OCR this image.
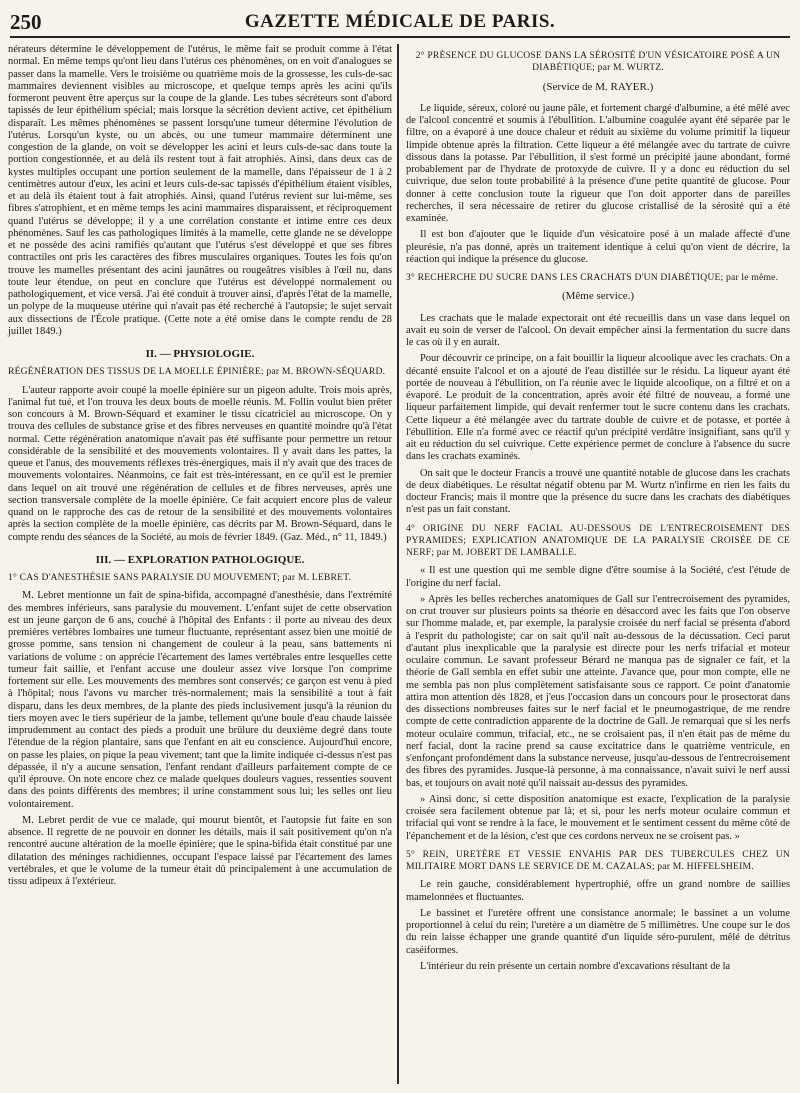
250	GAZETTE MÉDICALE DE PARIS.

nérateurs détermine le développement de l'utérus, le même fait se produit comme à l'état normal. En même temps qu'ont lieu dans l'utérus ces phénomènes, on en voit d'analogues se passer dans la mamelle. Vers le troisième ou quatrième mois de la grossesse, les culs-de-sac mammaires deviennent visibles au microscope, et quelque temps après les acini qu'ils formeront peuvent être aperçus sur la coupe de la glande. Les tubes sécréteurs sont d'abord tapissés de leur épithélium spécial; mais lorsque la sécrétion devient active, cet épithélium disparaît. Les mêmes phénomènes se passent lorsqu'une tumeur détermine l'évolution de l'utérus. Lorsqu'un kyste, ou un abcès, ou une tumeur mammaire déterminent une congestion de la glande, on voit se développer les acini et leurs culs-de-sac dans toute la portion congestionnée, et au delà ils restent tout à fait atrophiés. Ainsi, dans deux cas de kystes multiples occupant une portion seulement de la mamelle, dans l'épaisseur de 1 à 2 centimètres autour d'eux, les acini et leurs culs-de-sac tapissés d'épithélium étaient visibles, et au delà ils étaient tout à fait atrophiés. Ainsi, quand l'utérus revient sur lui-même, ses fibres s'atrophient, et en même temps les acini mammaires disparaissent, et réciproquement quand l'utérus se développe; il y a une corrélation constante et intime entre ces deux phénomènes. Sauf les cas pathologiques limités à la mamelle, cette glande ne se développe et ne possède des acini ramifiés qu'autant que l'utérus s'est développé et que ses fibres contractiles ont pris les caractères des fibres musculaires organiques. Toutes les fois qu'on trouve les mamelles présentant des acini jaunâtres ou rougeâtres visibles à l'œil nu, dans toute leur étendue, on peut en conclure que l'utérus est développé normalement ou pathologiquement, et vice versâ. J'ai été conduit à trouver ainsi, d'après l'état de la mamelle, un polype de la muqueuse utérine qui n'avait pas été recherché à l'autopsie; le sujet servait aux dissections de l'École pratique. (Cette note a été omise dans le compte rendu de 28 juillet 1849.)

II. — PHYSIOLOGIE.
RÉGÉNÉRATION DES TISSUS DE LA MOELLE ÉPINIÈRE; par M. BROWN-SÉQUARD.

L'auteur rapporte avoir coupé la moelle épinière sur un pigeon adulte. Trois mois après, l'animal fut tué, et l'on trouva les deux bouts de moelle réunis. M. Follin voulut bien prêter son concours à M. Brown-Séquard et examiner le tissu cicatriciel au microscope. On y trouva des cellules de substance grise et des fibres nerveuses en quantité moindre qu'à l'état normal. Cette régénération anatomique n'avait pas été suffisante pour permettre un retour considérable de la sensibilité et des mouvements volontaires. Il y avait dans les pattes, la queue et l'anus, des mouvements réflexes très-énergiques, mais il n'y avait que des traces de mouvements volontaires. Néanmoins, ce fait est très-intéressant, en ce qu'il est le premier dans lequel on ait trouvé une régénération de cellules et de fibres nerveuses, après une section transversale complète de la moelle épinière. Ce fait acquiert encore plus de valeur quand on le rapproche des cas de retour de la sensibilité et des mouvements volontaires après la section complète de la moelle épinière, cas décrits par M. Brown-Séquard, dans le compte rendu des séances de la Société, au mois de février 1849. (Gaz. Méd., n° 11, 1849.)

III. — EXPLORATION PATHOLOGIQUE.
1° CAS D'ANESTHÉSIE SANS PARALYSIE DU MOUVEMENT; par M. LEBRET.

M. Lebret mentionne un fait de spina-bifida, accompagné d'anesthésie, dans l'extrémité des membres inférieurs, sans paralysie du mouvement. L'enfant sujet de cette observation est un jeune garçon de 6 ans, couché à l'hôpital des Enfants : il porte au niveau des deux premières vertèbres lombaires une tumeur fluctuante, représentant assez bien une moitié de grosse pomme, sans tension ni changement de couleur à la peau, sans battements ni variations de volume : on apprécie l'écartement des lames vertébrales entre lesquelles cette tumeur fait saillie, et l'enfant accuse une douleur assez vive lorsque l'on comprime fortement sur elle. Les mouvements des membres sont conservés; ce garçon est venu à pied à l'hôpital; nous l'avons vu marcher très-normalement; mais la sensibilité a tout à fait disparu, dans les deux membres, de la plante des pieds inclusivement jusqu'à la réunion du tiers moyen avec le tiers supérieur de la jambe, tellement qu'une boule d'eau chaude laissée imprudemment au contact des pieds a produit une brûlure du deuxième degré dans toute l'étendue de la région plantaire, sans que l'enfant en ait eu conscience. Aujourd'hui encore, on passe les plaies, on pique la peau vivement; tant que la limite indiquée ci-dessus n'est pas dépassée, il n'y a aucune sensation, l'enfant rendant d'ailleurs parfaitement compte de ce qu'il éprouve. On note encore chez ce malade quelques douleurs vagues, ressenties souvent dans des points différents des membres; il urine constamment sous lui; les selles ont lieu volontairement.

M. Lebret perdit de vue ce malade, qui mourut bientôt, et l'autopsie fut faite en son absence. Il regrette de ne pouvoir en donner les détails, mais il sait positivement qu'on n'a rencontré aucune altération de la moelle épinière; que le spina-bifida était constitué par une dilatation des méninges rachidiennes, occupant l'espace laissé par l'écartement des lames vertébrales, et que le volume de la tumeur était dû principalement à une accumulation de tissu adipeux à l'extérieur.

2° PRÉSENCE DU GLUCOSE DANS LA SÉROSITÉ D'UN VÉSICATOIRE POSÉ A UN DIABÉTIQUE; par M. WURTZ.
(Service de M. RAYER.)

Le liquide, séreux, coloré ou jaune pâle, et fortement chargé d'albumine, a été mêlé avec de l'alcool concentré et soumis à l'ébullition. L'albumine coagulée ayant été séparée par le filtre, on a évaporé à une douce chaleur et réduit au sixième du volume primitif la liqueur limpide obtenue après la filtration. Cette liqueur a été mélangée avec du tartrate de cuivre dissous dans la potasse. Par l'ébullition, il s'est formé un précipité jaune abondant, formé probablement par de l'hydrate de protoxyde de cuivre. Il y a donc eu réduction du sel cuivrique, due selon toute probabilité à la présence d'une petite quantité de glucose. Pour donner à cette conclusion toute la rigueur que l'on doit apporter dans de pareilles recherches, il sera nécessaire de retirer du glucose cristallisé de la sérosité qui a été examinée.

Il est bon d'ajouter que le liquide d'un vésicatoire posé à un malade affecté d'une pleurésie, n'a pas donné, après un traitement identique à celui qu'on vient de décrire, la réaction qui indique la présence du glucose.

3° RECHERCHE DU SUCRE DANS LES CRACHATS D'UN DIABÉTIQUE; par le même.
(Même service.)

Les crachats que le malade expectorait ont été recueillis dans un vase dans lequel on avait eu soin de verser de l'alcool. On devait empêcher ainsi la fermentation du sucre dans le cas où il y en aurait.

Pour découvrir ce principe, on a fait bouillir la liqueur alcoolique avec les crachats. On a décanté ensuite l'alcool et on a ajouté de l'eau distillée sur le résidu. La liqueur ayant été portée de nouveau à l'ébullition, on l'a réunie avec le liquide alcoolique, on a filtré et on a évaporé. Le produit de la concentration, après avoir été filtré de nouveau, a formé une liqueur parfaitement limpide, qui devait renfermer tout le sucre contenu dans les crachats. Cette liqueur a été mélangée avec du tartrate double de cuivre et de potasse, et portée à l'ébullition. Elle n'a formé avec ce réactif qu'un précipité verdâtre insignifiant, sans qu'il y ait eu réduction du sel cuivrique. Cette expérience permet de conclure à l'absence du sucre dans les crachats examinés.

On sait que le docteur Francis a trouvé une quantité notable de glucose dans les crachats de deux diabétiques. Le résultat négatif obtenu par M. Wurtz n'infirme en rien les faits du docteur Francis; mais il montre que la présence du sucre dans les crachats des diabétiques n'est pas un fait constant.

4° ORIGINE DU NERF FACIAL AU-DESSOUS DE L'ENTRECROISEMENT DES PYRAMIDES; EXPLICATION ANATOMIQUE DE LA PARALYSIE CROISÉE DE CE NERF; par M. JOBERT DE LAMBALLE.

« Il est une question qui me semble digne d'être soumise à la Société, c'est l'étude de l'origine du nerf facial.

» Après les belles recherches anatomiques de Gall sur l'entrecroisement des pyramides, on crut trouver sur plusieurs points sa théorie en désaccord avec les faits que l'on observe sur l'homme malade, et, par exemple, la paralysie croisée du nerf facial se présenta d'abord à l'esprit du pathologiste; car on sait qu'il naît au-dessous de la décussation. Ceci parut d'autant plus inexplicable que la paralysie est directe pour les nerfs trifacial et moteur oculaire commun. Le savant professeur Bérard ne manqua pas de signaler ce fait, et la théorie de Gall sembla en effet subir une atteinte. J'avance que, pour mon compte, elle ne me sembla pas non plus complètement satisfaisante sous ce rapport. Ce point d'anatomie attira mon attention dès 1828, et j'eus l'occasion dans un concours pour le prosectorat dans des dissections nombreuses faites sur le nerf facial et le pneumogastrique, de me rendre compte de cette contradiction apparente de la doctrine de Gall. Je remarquai que si les nerfs moteur oculaire commun, trifacial, etc., ne se croisaient pas, il n'en était pas de même du nerf facial, dont la racine prend sa cause excitatrice dans le quatrième ventricule, en s'enfonçant profondément dans la substance nerveuse, jusqu'au-dessous de l'entrecroisement des fibres des pyramides. Jusque-là personne, à ma connaissance, n'avait suivi le nerf aussi bas, et toujours on avait noté qu'il naissait au-dessus des pyramides.

» Ainsi donc, si cette disposition anatomique est exacte, l'explication de la paralysie croisée sera facilement obtenue par là; et si, pour les nerfs moteur oculaire commun et trifacial qui vont se rendre à la face, le mouvement et le sentiment cessent du même côté de l'épanchement et de la lésion, c'est que ces cordons nerveux ne se croisent pas. »

5° REIN, URETÈRE ET VESSIE ENVAHIS PAR DES TUBERCULES CHEZ UN MILITAIRE MORT DANS LE SERVICE DE M. CAZALAS; par M. HIFFELSHEIM.

Le rein gauche, considérablement hypertrophié, offre un grand nombre de saillies mamelonnées et fluctuantes.

Le bassinet et l'uretère offrent une consistance anormale; le bassinet a un volume proportionnel à celui du rein; l'uretère a un diamètre de 5 millimètres. Une coupe sur le dos du rein laisse échapper une grande quantité d'un liquide séro-purulent, mêlé de détritus caséiformes.

L'intérieur du rein présente un certain nombre d'excavations résultant de la
